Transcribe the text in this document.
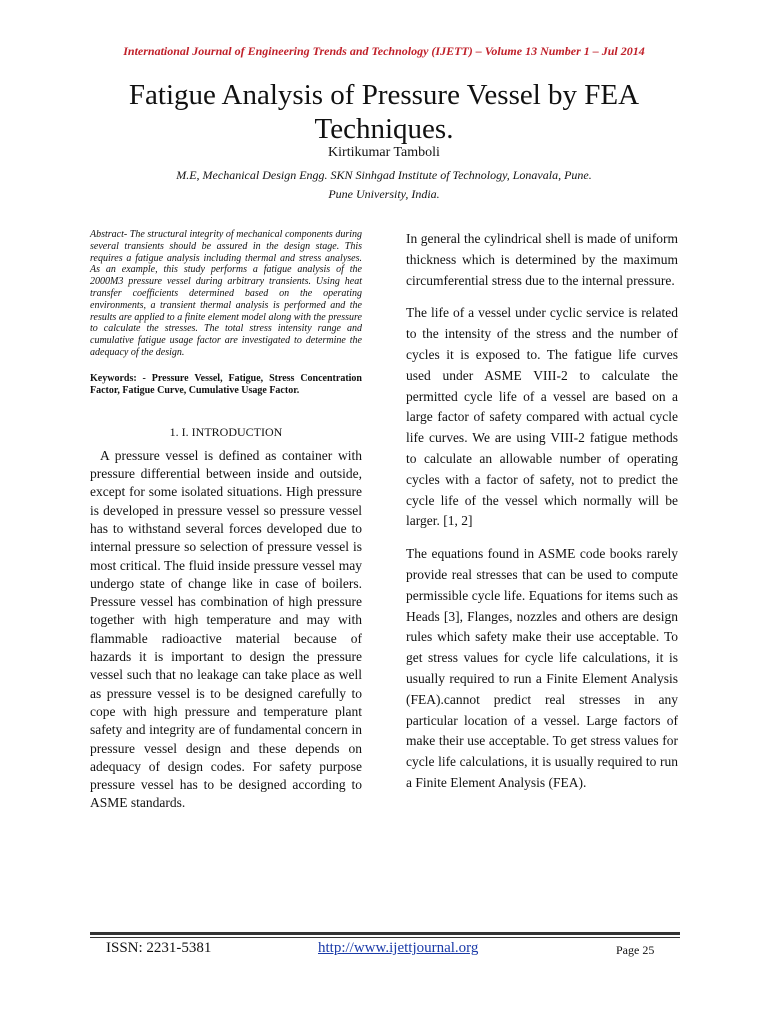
International Journal of Engineering Trends and Technology (IJETT) – Volume 13 Number 1 – Jul 2014
Fatigue Analysis of Pressure Vessel by FEA Techniques.
Kirtikumar Tamboli
M.E, Mechanical Design Engg. SKN Sinhgad Institute of Technology, Lonavala, Pune.
Pune University, India.

Abstract- The structural integrity of mechanical components during several transients should be assured in the design stage. This requires a fatigue analysis including thermal and stress analyses. As an example, this study performs a fatigue analysis of the 2000M3 pressure vessel during arbitrary transients. Using heat transfer coefficients determined based on the operating environments, a transient thermal analysis is performed and the results are applied to a finite element model along with the pressure to calculate the stresses. The total stress intensity range and cumulative fatigue usage factor are investigated to determine the adequacy of the design.

Keywords: - Pressure Vessel, Fatigue, Stress Concentration Factor, Fatigue Curve, Cumulative Usage Factor.

1. I. INTRODUCTION

A pressure vessel is defined as container with pressure differential between inside and outside, except for some isolated situations. High pressure is developed in pressure vessel so pressure vessel has to withstand several forces developed due to internal pressure so selection of pressure vessel is most critical. The fluid inside pressure vessel may undergo state of change like in case of boilers. Pressure vessel has combination of high pressure together with high temperature and may with flammable radioactive material because of hazards it is important to design the pressure vessel such that no leakage can take place as well as pressure vessel is to be designed carefully to cope with high pressure and temperature plant safety and integrity are of fundamental concern in pressure vessel design and these depends on adequacy of design codes. For safety purpose pressure vessel has to be designed according to ASME standards.

In general the cylindrical shell is made of uniform thickness which is determined by the maximum circumferential stress due to the internal pressure.

The life of a vessel under cyclic service is related to the intensity of the stress and the number of cycles it is exposed to. The fatigue life curves used under ASME VIII-2 to calculate the permitted cycle life of a vessel are based on a large factor of safety compared with actual cycle life curves. We are using VIII-2 fatigue methods to calculate an allowable number of operating cycles with a factor of safety, not to predict the cycle life of the vessel which normally will be larger. [1, 2]

The equations found in ASME code books rarely provide real stresses that can be used to compute permissible cycle life. Equations for items such as Heads [3], Flanges, nozzles and others are design rules which safety make their use acceptable. To get stress values for cycle life calculations, it is usually required to run a Finite Element Analysis (FEA).cannot predict real stresses in any particular location of a vessel. Large factors of make their use acceptable. To get stress values for cycle life calculations, it is usually required to run a Finite Element Analysis (FEA).

ISSN: 2231-5381	http://www.ijettjournal.org	Page 25
